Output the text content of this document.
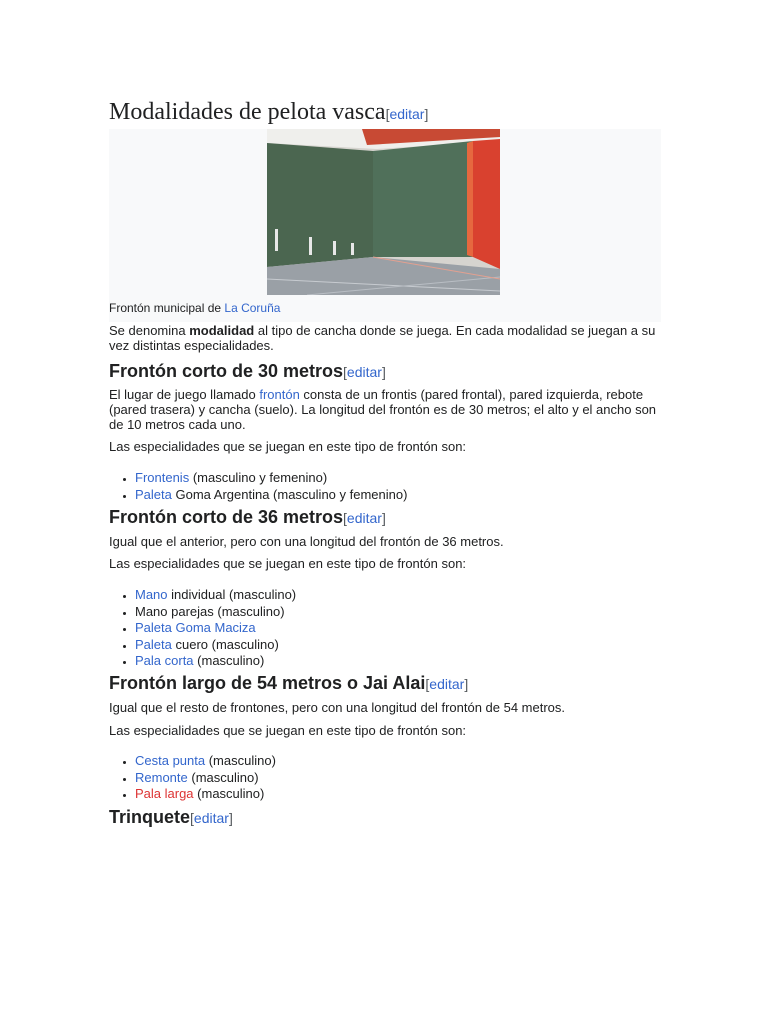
Modalidades de pelota vasca[editar]
Frontón municipal de La Coruña

Se denomina modalidad al tipo de cancha donde se juega. En cada modalidad se juegan a su vez distintas especialidades.

Frontón corto de 30 metros[editar]

El lugar de juego llamado frontón consta de un frontis (pared frontal), pared izquierda, rebote (pared trasera) y cancha (suelo). La longitud del frontón es de 30 metros; el alto y el ancho son de 10 metros cada uno.

Las especialidades que se juegan en este tipo de frontón son:

• Frontenis (masculino y femenino)
• Paleta Goma Argentina (masculino y femenino)
Frontón corto de 36 metros[editar]

Igual que el anterior, pero con una longitud del frontón de 36 metros.

Las especialidades que se juegan en este tipo de frontón son:

• Mano individual (masculino)
• Mano parejas (masculino)
• Paleta Goma Maciza
• Paleta cuero (masculino)
• Pala corta (masculino)
Frontón largo de 54 metros o Jai Alai[editar]

Igual que el resto de frontones, pero con una longitud del frontón de 54 metros.

Las especialidades que se juegan en este tipo de frontón son:

• Cesta punta (masculino)
• Remonte (masculino)
• Pala larga (masculino)
Trinquete[editar]
